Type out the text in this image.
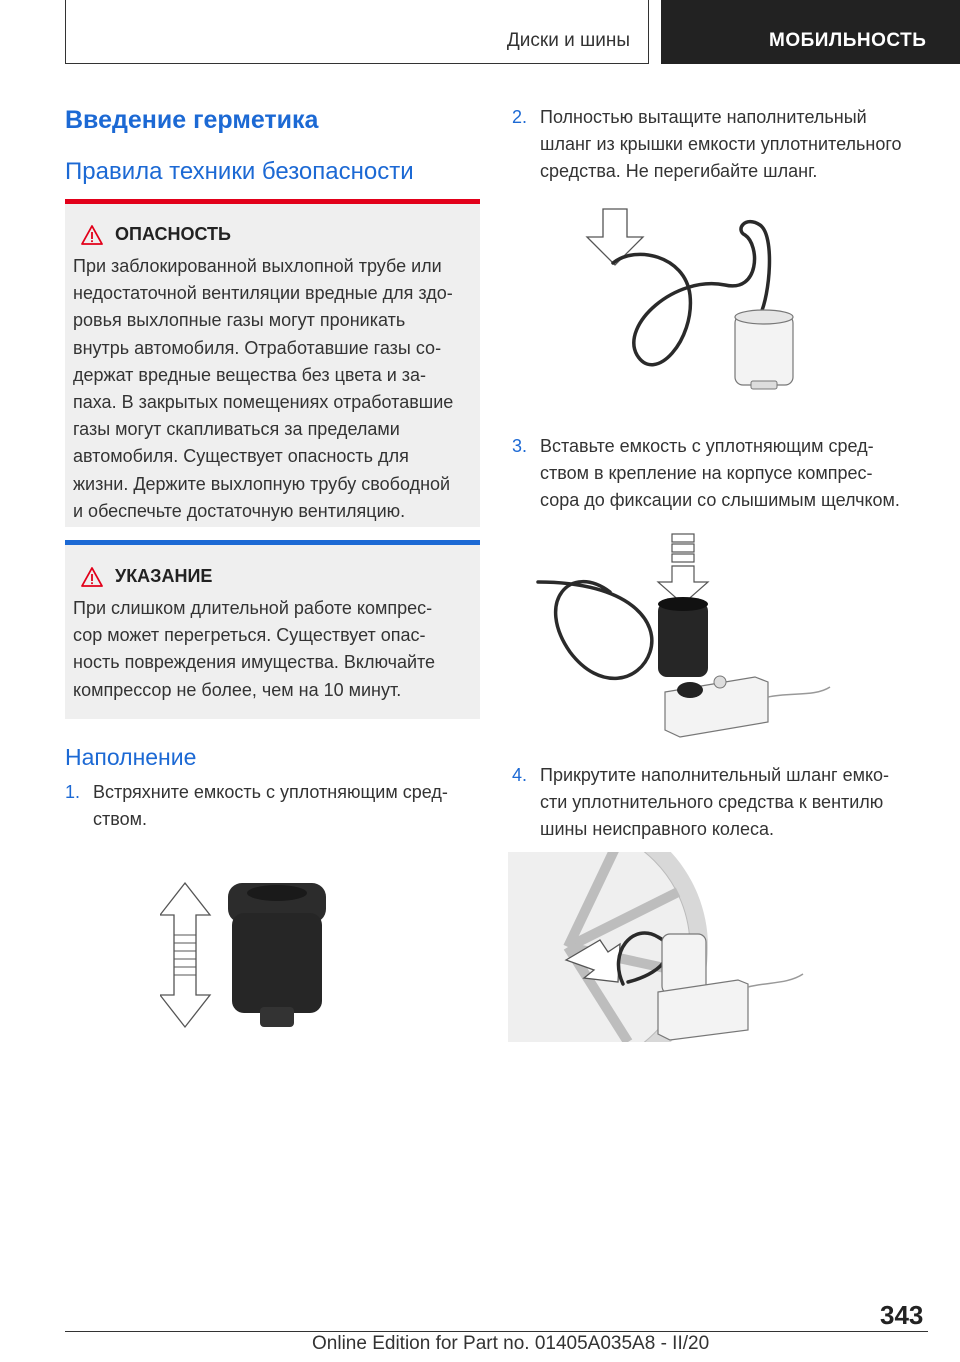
Диски и шины	МОБИЛЬНОСТЬ
Введение герметика
Правила техники безопасности
ОПАСНОСТЬ
При заблокированной выхлопной трубе или
недостаточной вентиляции вредные для здо-
ровья выхлопные газы могут проникать
внутрь автомобиля. Отработавшие газы со-
держат вредные вещества без цвета и за-
паха. В закрытых помещениях отработавшие
газы могут скапливаться за пределами
автомобиля. Существует опасность для
жизни. Держите выхлопную трубу свободной
и обеспечьте достаточную вентиляцию.
УКАЗАНИЕ
При слишком длительной работе компрес-
сор может перегреться. Существует опас-
ность повреждения имущества. Включайте
компрессор не более, чем на 10 минут.
Наполнение
1. Встряхните емкость с уплотняющим сред-
ством.
2. Полностью вытащите наполнительный
шланг из крышки емкости уплотнительного
средства. Не перегибайте шланг.
3. Вставьте емкость с уплотняющим сред-
ством в крепление на корпусе компрес-
сора до фиксации со слышимым щелчком.
4. Прикрутите наполнительный шланг емко-
сти уплотнительного средства к вентилю
шины неисправного колеса.
343
Online Edition for Part no. 01405A035A8 - II/20
